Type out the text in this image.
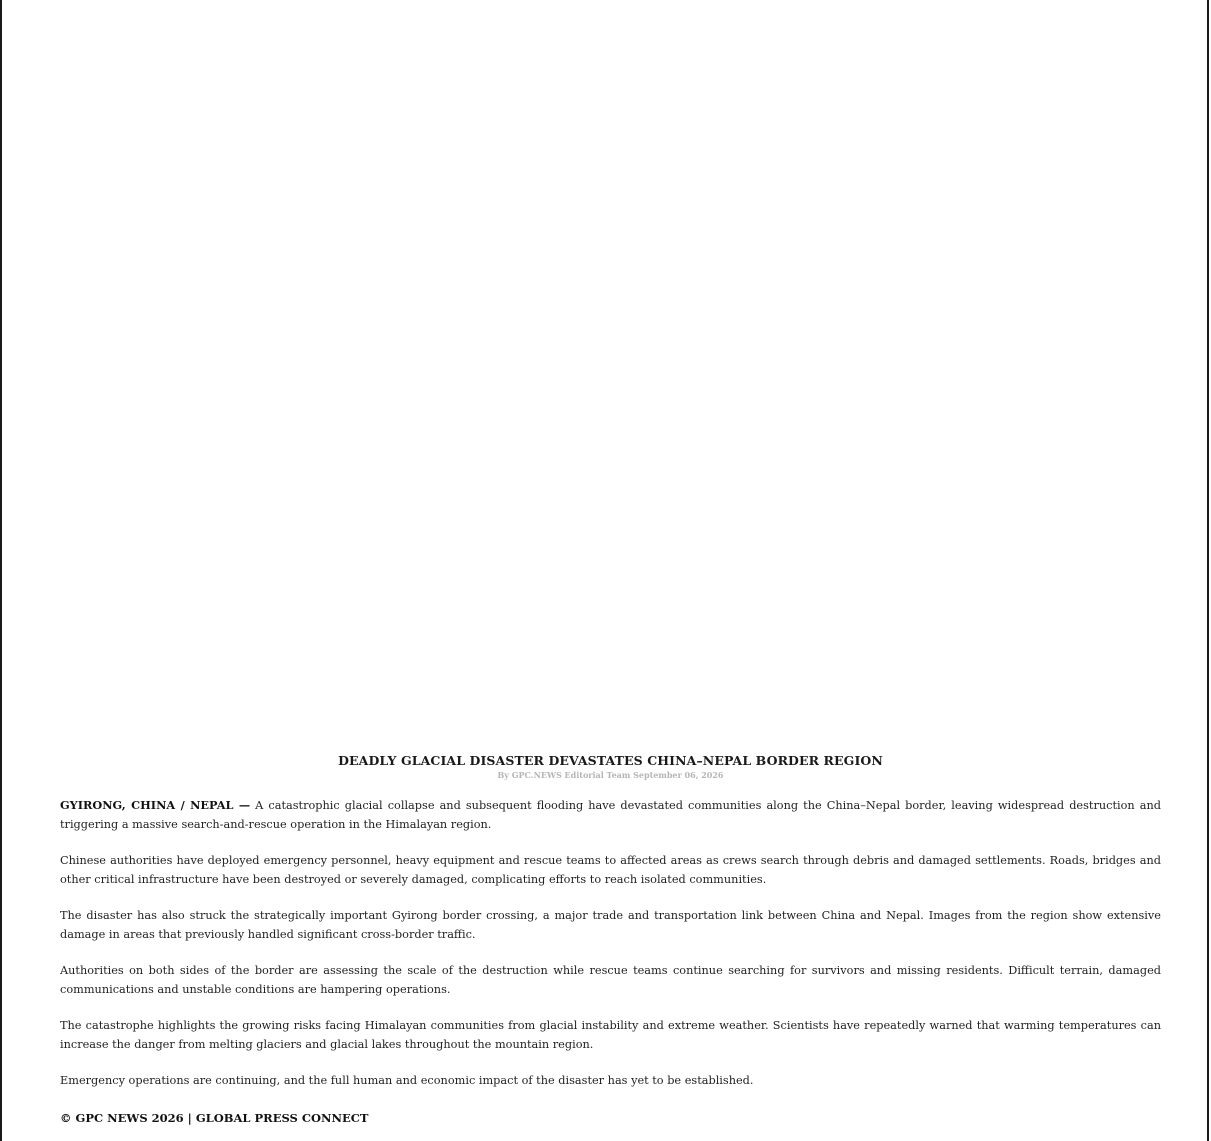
DEADLY GLACIAL DISASTER DEVASTATES CHINA–NEPAL BORDER REGION
By GPC.NEWS Editorial Team September 06, 2026

GYIRONG, CHINA / NEPAL — A catastrophic glacial collapse and subsequent flooding have devastated communities along the China–Nepal border, leaving widespread destruction and triggering a massive search-and-rescue operation in the Himalayan region.

Chinese authorities have deployed emergency personnel, heavy equipment and rescue teams to affected areas as crews search through debris and damaged settlements. Roads, bridges and other critical infrastructure have been destroyed or severely damaged, complicating efforts to reach isolated communities.

The disaster has also struck the strategically important Gyirong border crossing, a major trade and transportation link between China and Nepal. Images from the region show extensive damage in areas that previously handled significant cross-border traffic.

Authorities on both sides of the border are assessing the scale of the destruction while rescue teams continue searching for survivors and missing residents. Difficult terrain, damaged communications and unstable conditions are hampering operations.

The catastrophe highlights the growing risks facing Himalayan communities from glacial instability and extreme weather. Scientists have repeatedly warned that warming temperatures can increase the danger from melting glaciers and glacial lakes throughout the mountain region.

Emergency operations are continuing, and the full human and economic impact of the disaster has yet to be established.

© GPC NEWS 2026 | GLOBAL PRESS CONNECT
